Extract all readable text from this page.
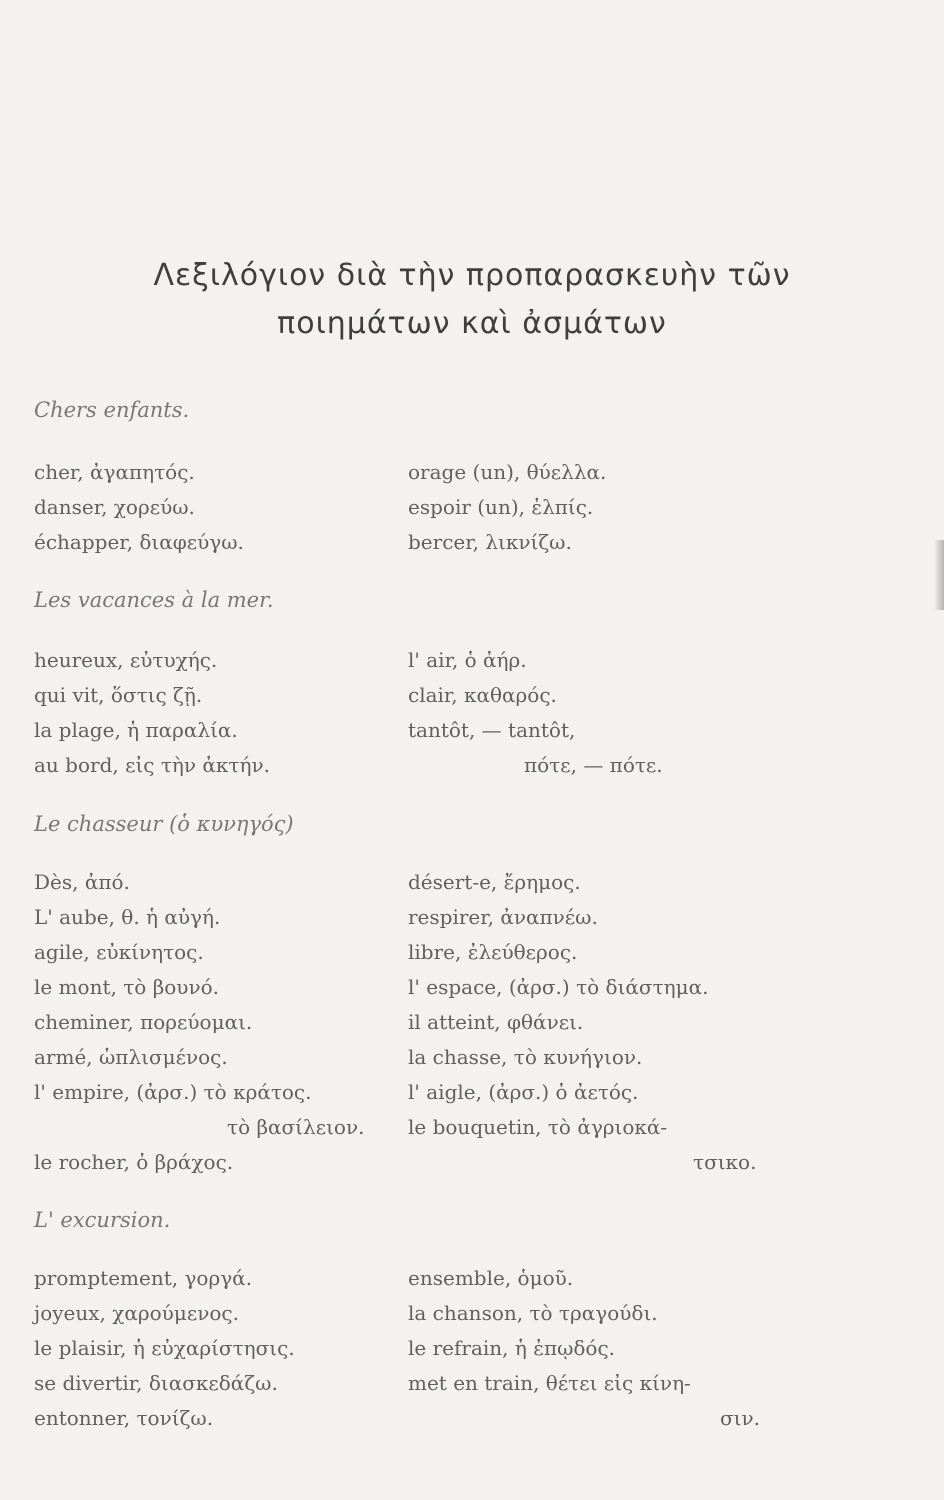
Λεξιλόγιον διὰ τὴν προπαρασκευὴν τῶν
ποιημάτων καὶ ἀσμάτων
Chers enfants.
cher, ἀγαπητός.
danser, χορεύω.
échapper, διαφεύγω.
orage (un), θύελλα.
espoir (un), ἐλπίς.
bercer, λικνίζω.
Les vacances à la mer.
heureux, εὐτυχής.
qui vit, ὅστις ζῇ.
la plage, ἡ παραλία.
au bord, εἰς τὴν ἀκτήν.
l' air, ὁ ἀήρ.
clair, καθαρός.
tantôt, — tantôt,
πότε, — πότε.
Le chasseur (ὁ κυνηγός)
Dès, ἀπό.
L' aube, θ. ἡ αὐγή.
agile, εὐκίνητος.
le mont, τὸ βουνό.
cheminer, πορεύομαι.
armé, ὡπλισμένος.
l' empire, (ἀρσ.) τὸ κράτος.
τὸ βασίλειον.
le rocher, ὁ βράχος.
désert-e, ἔρημος.
respirer, ἀναπνέω.
libre, ἐλεύθερος.
l' espace, (ἀρσ.) τὸ διάστημα.
il atteint, φθάνει.
la chasse, τὸ κυνήγιον.
l' aigle, (ἀρσ.) ὁ ἀετός.
le bouquetin, τὸ ἀγριοκά-
τσικο.
L' excursion.
promptement, γοργά.
joyeux, χαρούμενος.
le plaisir, ἡ εὐχαρίστησις.
se divertir, διασκεδάζω.
entonner, τονίζω.
ensemble, ὁμοῦ.
la chanson, τὸ τραγούδι.
le refrain, ἡ ἐπῳδός.
met en train, θέτει εἰς κίνη-
σιν.
